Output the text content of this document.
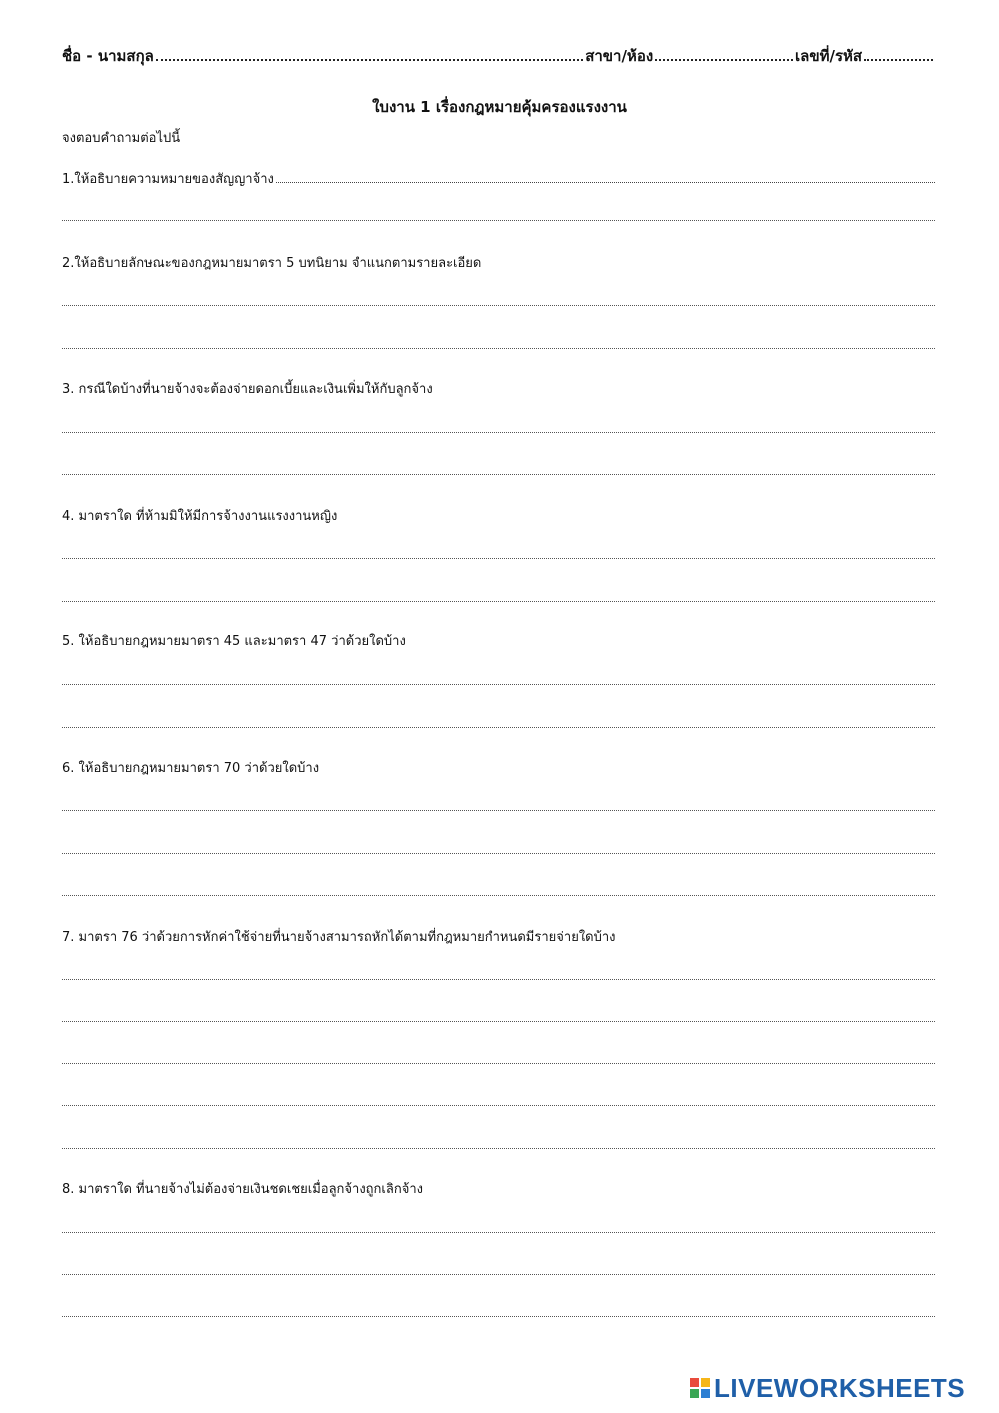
ชื่อ - นามสกุล	สาขา/ห้อง	เลขที่/รหัส
ใบงาน 1 เรื่องกฎหมายคุ้มครองแรงงาน
จงตอบคำถามต่อไปนี้
1.ให้อธิบายความหมายของสัญญาจ้าง
2.ให้อธิบายลักษณะของกฎหมายมาตรา 5 บทนิยาม จำแนกตามรายละเอียด
3. กรณีใดบ้างที่นายจ้างจะต้องจ่ายดอกเบี้ยและเงินเพิ่มให้กับลูกจ้าง
4. มาตราใด ที่ห้ามมิให้มีการจ้างงานแรงงานหญิง
5. ให้อธิบายกฎหมายมาตรา 45 และมาตรา 47 ว่าด้วยใดบ้าง
6. ให้อธิบายกฎหมายมาตรา 70 ว่าด้วยใดบ้าง
7. มาตรา 76 ว่าด้วยการหักค่าใช้จ่ายที่นายจ้างสามารถหักได้ตามที่กฎหมายกำหนดมีรายจ่ายใดบ้าง
8. มาตราใด ที่นายจ้างไม่ต้องจ่ายเงินชดเชยเมื่อลูกจ้างถูกเลิกจ้าง
LIVEWORKSHEETS
